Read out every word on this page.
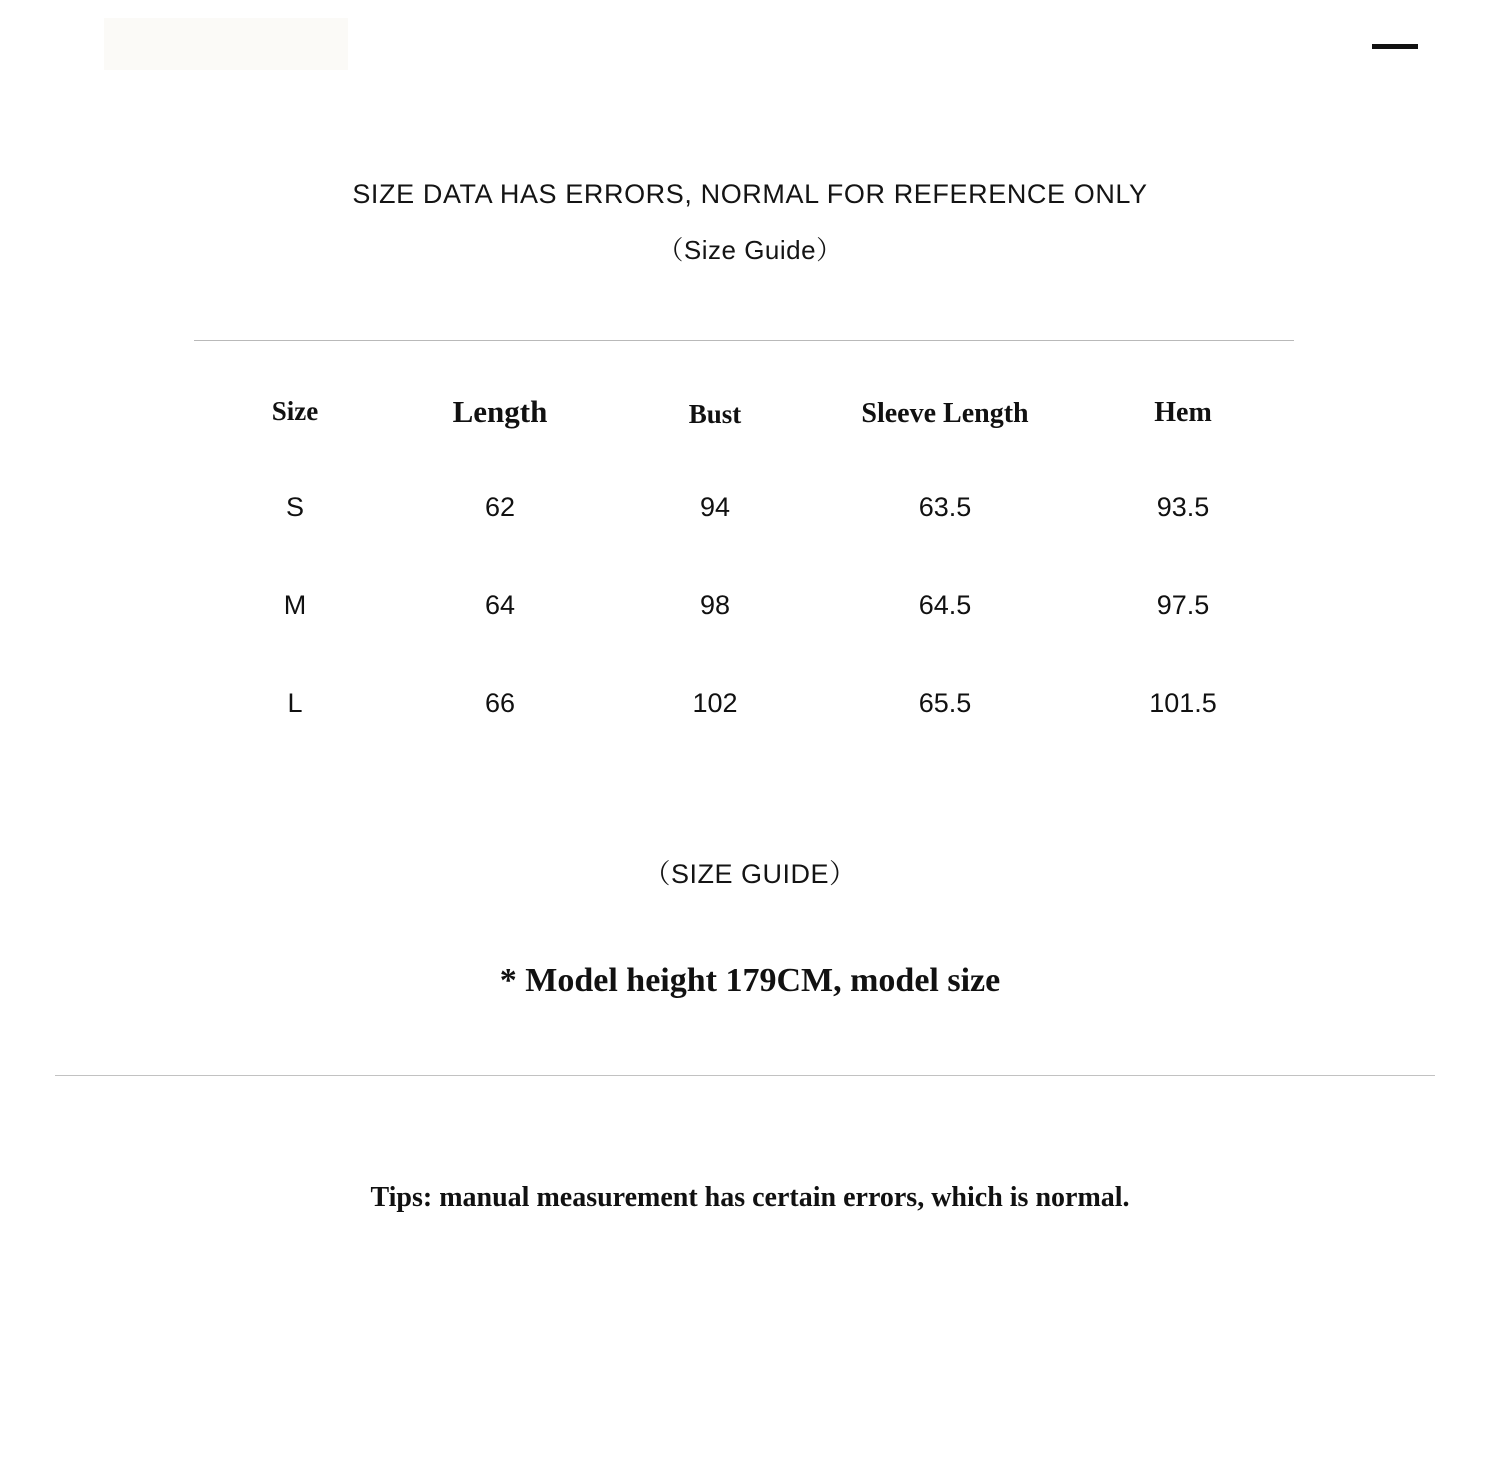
SIZE DATA HAS ERRORS, NORMAL FOR REFERENCE ONLY
（Size Guide）
Size	Length	Bust	Sleeve Length	Hem
S	62	94	63.5	93.5
M	64	98	64.5	97.5
L	66	102	65.5	101.5
（SIZE GUIDE）
* Model height 179CM, model size
Tips: manual measurement has certain errors, which is normal.
